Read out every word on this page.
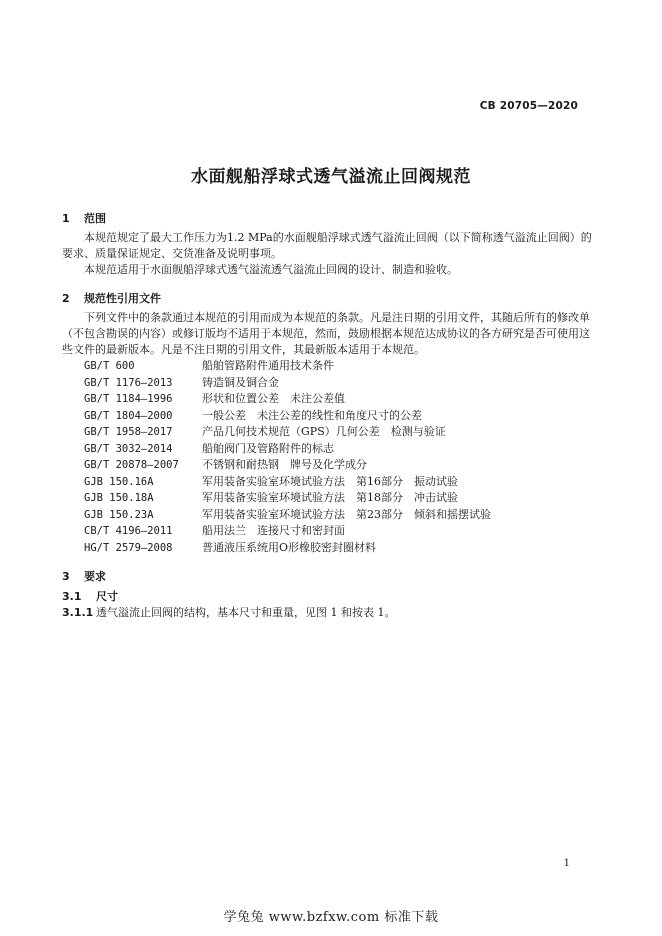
CB 20705—2020
水面舰船浮球式透气溢流止回阀规范
1 范围

本规范规定了最大工作压力为1.2 MPa的水面舰船浮球式透气溢流止回阀（以下简称透气溢流止回阀）的要求、质量保证规定、交货准备及说明事项。

本规范适用于水面舰船浮球式透气溢流透气溢流止回阀的设计、制造和验收。

2 规范性引用文件

下列文件中的条款通过本规范的引用而成为本规范的条款。凡是注日期的引用文件，其随后所有的修改单（不包含勘误的内容）或修订版均不适用于本规范，然而，鼓励根据本规范达成协议的各方研究是否可使用这些文件的最新版本。凡是不注日期的引用文件，其最新版本适用于本规范。

GB/T 600	船舶管路附件通用技术条件
GB/T 1176—2013	铸造铜及铜合金
GB/T 1184—1996	形状和位置公差　未注公差值
GB/T 1804—2000	一般公差　未注公差的线性和角度尺寸的公差
GB/T 1958—2017	产品几何技术规范（GPS）几何公差　检测与验证
GB/T 3032—2014	船舶阀门及管路附件的标志
GB/T 20878—2007 不锈钢和耐热钢　牌号及化学成分
GJB 150.16A	军用装备实验室环境试验方法　第16部分　振动试验
GJB 150.18A	军用装备实验室环境试验方法　第18部分　冲击试验
GJB 150.23A	军用装备实验室环境试验方法　第23部分　倾斜和摇摆试验
CB/T 4196—2011	船用法兰　连接尺寸和密封面
HG/T 2579—2008	普通液压系统用O形橡胶密封圈材料
3 要求
3.1 尺寸
3.1.1 透气溢流止回阀的结构，基本尺寸和重量，见图 1 和按表 1。
1
学兔兔 www.bzfxw.com 标准下载
